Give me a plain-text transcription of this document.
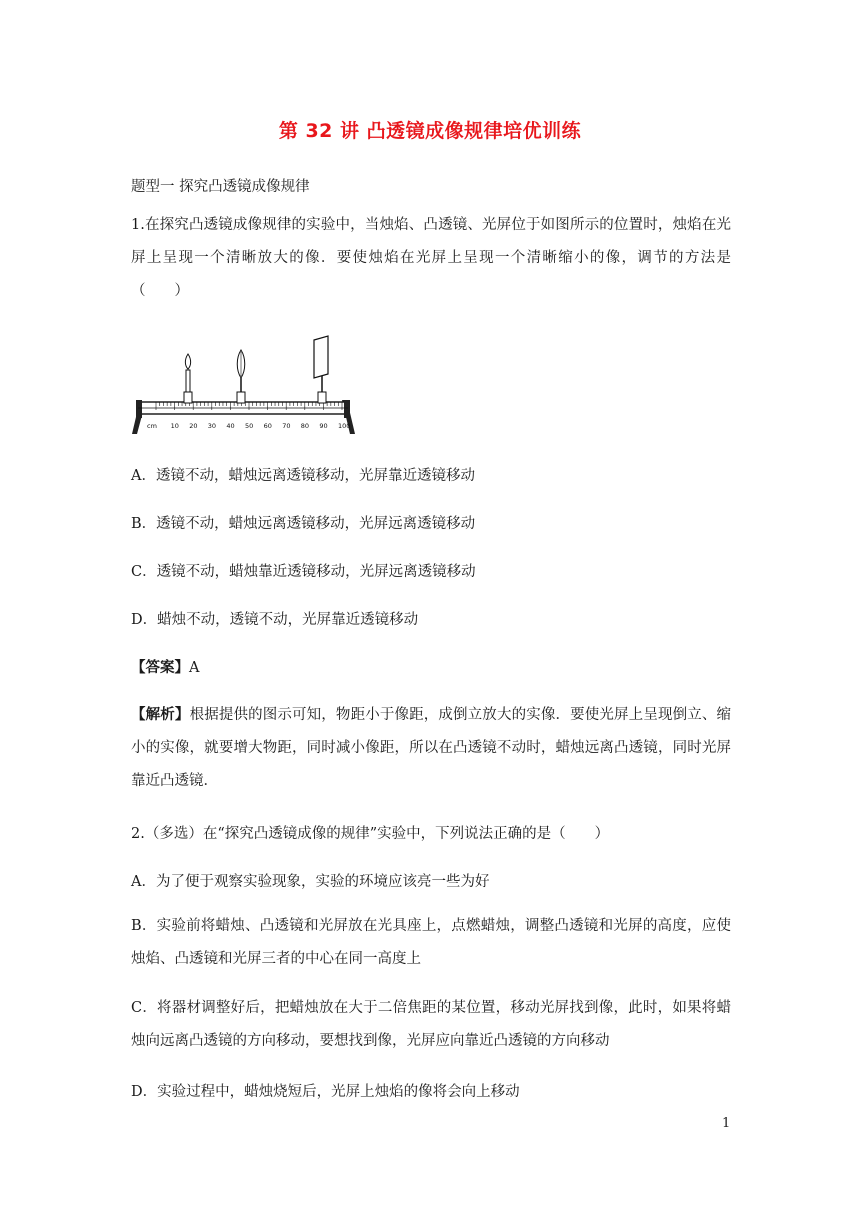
第 32 讲 凸透镜成像规律培优训练
题型一 探究凸透镜成像规律
1.在探究凸透镜成像规律的实验中，当烛焰、凸透镜、光屏位于如图所示的位置时，烛焰在光屏上呈现一个清晰放大的像．要使烛焰在光屏上呈现一个清晰缩小的像，调节的方法是（　　）
cm 10 20 30 40 50 60 70 80 90 100
A．透镜不动，蜡烛远离透镜移动，光屏靠近透镜移动
B．透镜不动，蜡烛远离透镜移动，光屏远离透镜移动
C．透镜不动，蜡烛靠近透镜移动，光屏远离透镜移动
D．蜡烛不动，透镜不动，光屏靠近透镜移动
【答案】A
【解析】根据提供的图示可知，物距小于像距，成倒立放大的实像．要使光屏上呈现倒立、缩小的实像，就要增大物距，同时减小像距，所以在凸透镜不动时，蜡烛远离凸透镜，同时光屏靠近凸透镜．
2.（多选）在“探究凸透镜成像的规律”实验中，下列说法正确的是（　　）
A．为了便于观察实验现象，实验的环境应该亮一些为好
B．实验前将蜡烛、凸透镜和光屏放在光具座上，点燃蜡烛，调整凸透镜和光屏的高度，应使烛焰、凸透镜和光屏三者的中心在同一高度上
C．将器材调整好后，把蜡烛放在大于二倍焦距的某位置，移动光屏找到像，此时，如果将蜡烛向远离凸透镜的方向移动，要想找到像，光屏应向靠近凸透镜的方向移动
D．实验过程中，蜡烛烧短后，光屏上烛焰的像将会向上移动
1
